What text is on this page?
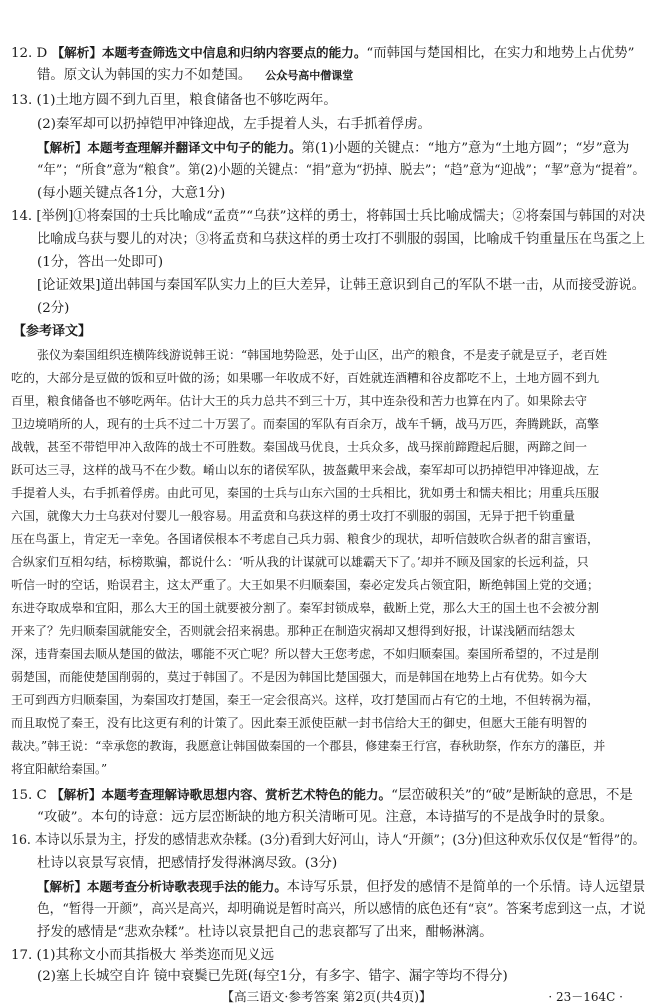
12. D 【解析】本题考查筛选文中信息和归纳内容要点的能力。“而韩国与楚国相比，在实力和地势上占优势”
错。原文认为韩国的实力不如楚国。 公众号高中僧课堂
13. (1)土地方圆不到九百里，粮食储备也不够吃两年。
(2)秦军却可以扔掉铠甲冲锋迎战，左手提着人头，右手抓着俘虏。
【解析】本题考查理解并翻译文中句子的能力。第(1)小题的关键点：“地方”意为“土地方圆”；“岁”意为
“年”；“所食”意为“粮食”。第(2)小题的关键点：“捐”意为“扔掉、脱去”；“趋”意为“迎战”；“挈”意为“提着”。
(每小题关键点各1分，大意1分)
14. [举例]①将秦国的士兵比喻成“孟贲”“乌获”这样的勇士，将韩国士兵比喻成懦夫；②将秦国与韩国的对决
比喻成乌获与婴儿的对决；③将孟贲和乌获这样的勇士攻打不驯服的弱国，比喻成千钧重量压在鸟蛋之上
(1分，答出一处即可)
[论证效果]道出韩国与秦国军队实力上的巨大差异，让韩王意识到自己的军队不堪一击，从而接受游说。
(2分)
【参考译文】
张仪为秦国组织连横阵线游说韩王说：“韩国地势险恶，处于山区，出产的粮食，不是麦子就是豆子，老百姓
吃的，大部分是豆做的饭和豆叶做的汤；如果哪一年收成不好，百姓就连酒糟和谷皮都吃不上，土地方圆不到九
百里，粮食储备也不够吃两年。估计大王的兵力总共不到三十万，其中连杂役和苦力也算在内了。如果除去守
卫边境哨所的人，现有的士兵不过二十万罢了。而秦国的军队有百余万，战车千辆，战马万匹，奔腾跳跃，高擎
战戟，甚至不带铠甲冲入敌阵的战士不可胜数。秦国战马优良，士兵众多，战马探前蹄蹬起后腿，两蹄之间一
跃可达三寻，这样的战马不在少数。崤山以东的诸侯军队，披盔戴甲来会战，秦军却可以扔掉铠甲冲锋迎战，左
手提着人头，右手抓着俘虏。由此可见，秦国的士兵与山东六国的士兵相比，犹如勇士和懦夫相比；用重兵压服
六国，就像大力士乌获对付婴儿一般容易。用孟贲和乌获这样的勇士攻打不驯服的弱国，无异于把千钧重量
压在鸟蛋上，肯定无一幸免。各国诸侯根本不考虑自己兵力弱、粮食少的现状，却听信鼓吹合纵者的甜言蜜语，
合纵家们互相勾结，标榜欺骗，都说什么：‘听从我的计谋就可以雄霸天下了。’却并不顾及国家的长远利益，只
听信一时的空话，贻误君主，这太严重了。大王如果不归顺秦国，秦必定发兵占领宜阳，断绝韩国上党的交通；
东进夺取成皋和宜阳，那么大王的国土就要被分割了。秦军封锁成皋，截断上党，那么大王的国土也不会被分割
开来了？先归顺秦国就能安全，否则就会招来祸患。那种正在制造灾祸却又想得到好报，计谋浅陋而结怨太
深，违背秦国去顺从楚国的做法，哪能不灭亡呢？所以替大王您考虑，不如归顺秦国。秦国所希望的，不过是削
弱楚国，而能使楚国削弱的，莫过于韩国了。不是因为韩国比楚国强大，而是韩国在地势上占有优势。如今大
王可到西方归顺秦国，为秦国攻打楚国，秦王一定会很高兴。这样，攻打楚国而占有它的土地，不但转祸为福，
而且取悦了秦王，没有比这更有利的计策了。因此秦王派使臣献一封书信给大王的御史，但愿大王能有明智的
裁决。”韩王说：“幸承您的教诲，我愿意让韩国做秦国的一个郡县，修建秦王行宫，春秋助祭，作东方的藩臣，并
将宜阳献给秦国。”
15. C 【解析】本题考查理解诗歌思想内容、赏析艺术特色的能力。“层峦破积关”的“破”是断缺的意思，不是
“攻破”。本句的诗意：远方层峦断缺的地方积关清晰可见。注意，本诗描写的不是战争时的景象。
16. 本诗以乐景为主，抒发的感情悲欢杂糅。(3分)看到大好河山，诗人“开颜”；(3分)但这种欢乐仅仅是“暂得”的。
杜诗以哀景写哀情，把感情抒发得淋漓尽致。(3分)
【解析】本题考查分析诗歌表现手法的能力。本诗写乐景，但抒发的感情不是简单的一个乐情。诗人远望景
色，“暂得一开颜”，高兴是高兴，却明确说是暂时高兴，所以感情的底色还有“哀”。答案考虑到这一点，才说
抒发的感情是“悲欢杂糅”。杜诗以哀景把自己的悲哀都写了出来，酣畅淋漓。
17. (1)其称文小而其指极大 举类迩而见义远
(2)塞上长城空自许 镜中衰鬓已先斑(每空1分，有多字、错字、漏字等均不得分)
【高三语文·参考答案 第2页(共4页)】	· 23－164C ·
